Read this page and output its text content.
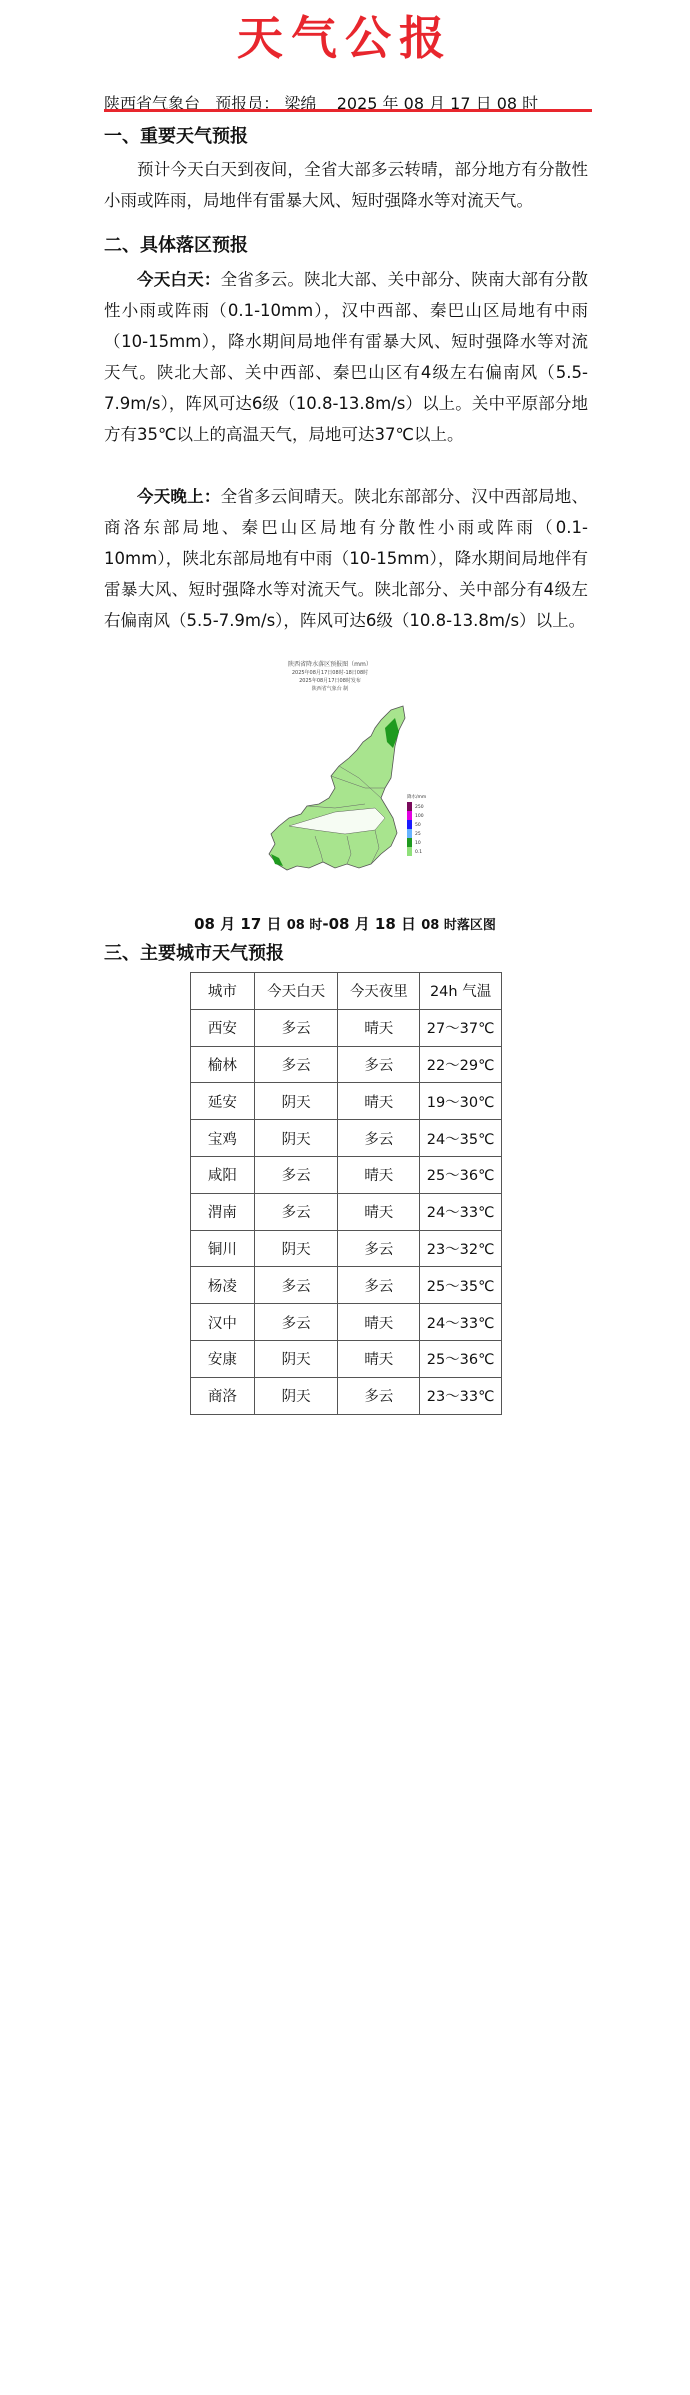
天气公报
陕西省气象台 预报员： 梁绵 2025 年 08 月 17 日 08 时
一、重要天气预报
预计今天白天到夜间，全省大部多云转晴，部分地方有分散性小雨或阵雨，局地伴有雷暴大风、短时强降水等对流天气。
二、具体落区预报
今天白天：全省多云。陕北大部、关中部分、陕南大部有分散性小雨或阵雨（0.1-10mm），汉中西部、秦巴山区局地有中雨（10-15mm），降水期间局地伴有雷暴大风、短时强降水等对流天气。陕北大部、关中西部、秦巴山区有4级左右偏南风（5.5-7.9m/s），阵风可达6级（10.8-13.8m/s）以上。关中平原部分地方有35℃以上的高温天气，局地可达37℃以上。
今天晚上：全省多云间晴天。陕北东部部分、汉中西部局地、商洛东部局地、秦巴山区局地有分散性小雨或阵雨（0.1-10mm），陕北东部局地有中雨（10-15mm），降水期间局地伴有雷暴大风、短时强降水等对流天气。陕北部分、关中部分有4级左右偏南风（5.5-7.9m/s），阵风可达6级（10.8-13.8m/s）以上。
陕西省降水落区预报图（mm）
2025年08月17日08时-18日08时
2025年08月17日08时发布
陕西省气象台 制
降水/mm
250
100
50
25
10
0.1
08 月 17 日 08 时-08 月 18 日 08 时落区图
三、主要城市天气预报
城市	今天白天	今天夜里	24h 气温
西安	多云	晴天	27～37℃
榆林	多云	多云	22～29℃
延安	阴天	晴天	19～30℃
宝鸡	阴天	多云	24～35℃
咸阳	多云	晴天	25～36℃
渭南	多云	晴天	24～33℃
铜川	阴天	多云	23～32℃
杨凌	多云	多云	25～35℃
汉中	多云	晴天	24～33℃
安康	阴天	晴天	25～36℃
商洛	阴天	多云	23～33℃
